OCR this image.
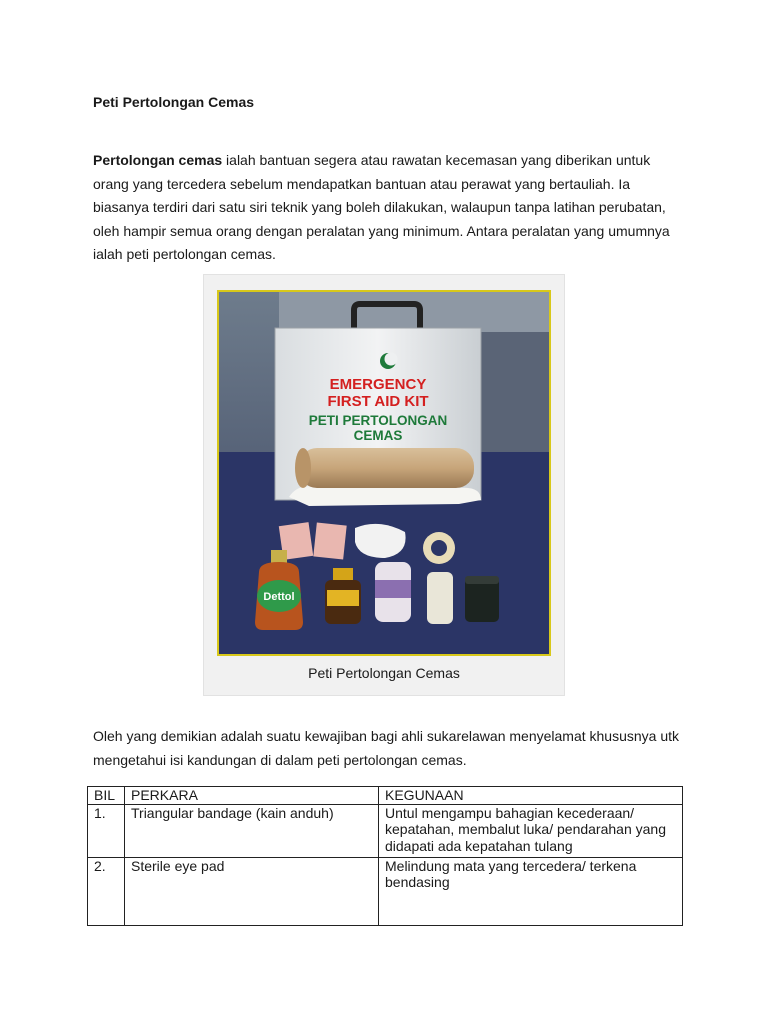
Peti Pertolongan Cemas
Pertolongan cemas ialah bantuan segera atau rawatan kecemasan yang diberikan untuk orang yang tercedera sebelum mendapatkan bantuan atau perawat yang bertauliah. Ia biasanya terdiri dari satu siri teknik yang boleh dilakukan, walaupun tanpa latihan perubatan, oleh hampir semua orang dengan peralatan yang minimum. Antara peralatan yang umumnya ialah peti pertolongan cemas.
EMERGENCY
FIRST AID KIT
PETI PERTOLONGAN
CEMAS
Dettol
Peti Pertolongan Cemas
Oleh yang demikian adalah suatu kewajiban bagi ahli sukarelawan menyelamat khususnya utk mengetahui isi kandungan di dalam peti pertolongan cemas.
BIL	PERKARA	KEGUNAAN
1.	Triangular bandage (kain anduh)	Untul mengampu bahagian kecederaan/ kepatahan, membalut luka/ pendarahan yang didapati ada kepatahan tulang
2.	Sterile eye pad	Melindung mata yang tercedera/ terkena bendasing
